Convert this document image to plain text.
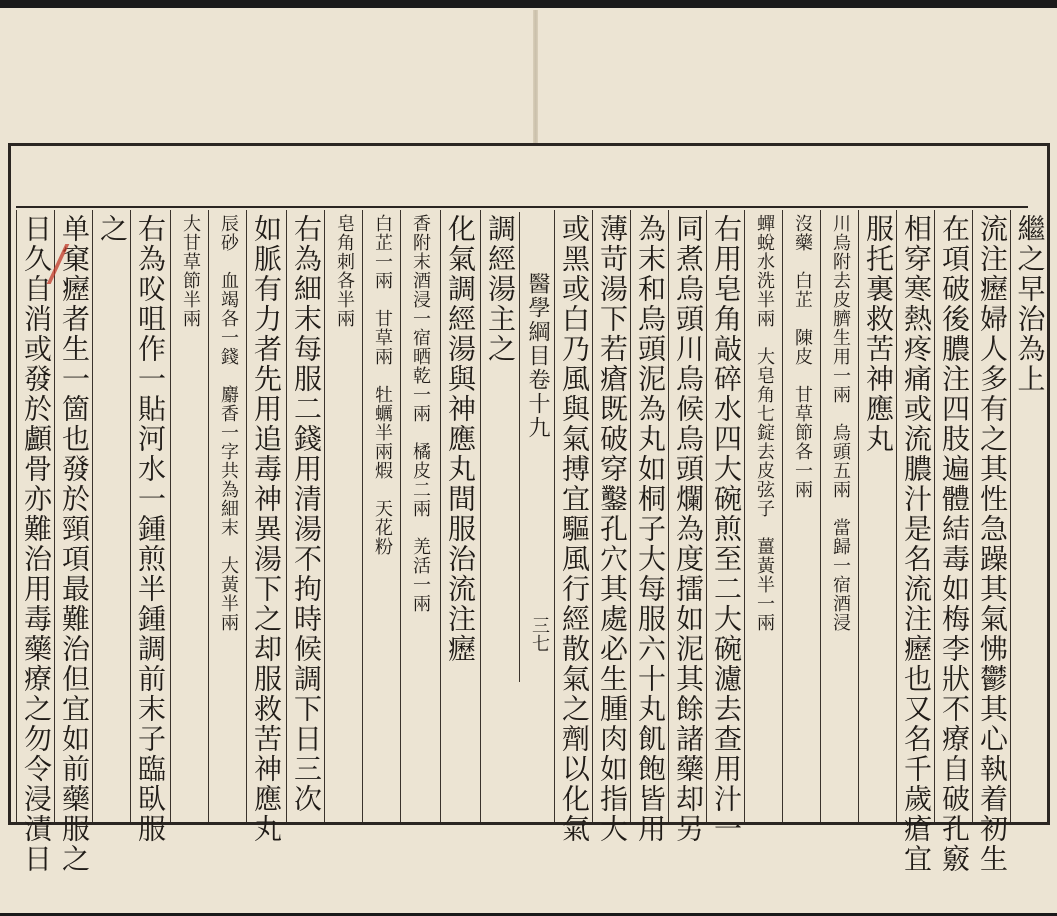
繼之早治為上
流注癧婦人多有之其性急躁其氣怫鬱其心執着初生
在項破後膿注四肢遍體結毒如梅李狀不療自破孔竅
相穿寒熱疼痛或流膿汁是名流注癧也又名千歲瘡宜
服托裏救苦神應丸
川烏附去皮臍生用一兩　烏頭五兩　當歸一宿酒浸
沒藥　白芷　陳皮　甘草節各一兩
蟬蛻水洗半兩　大皂角七錠去皮弦子　薑黃半一兩
右用皂角敲碎水四大碗煎至二大碗濾去查用汁一
同煮烏頭川烏候烏頭爛為度擂如泥其餘諸藥却另
為末和烏頭泥為丸如桐子大每服六十丸飢飽皆用
薄苛湯下若瘡既破穿鑿孔穴其處必生腫肉如指大
或黑或白乃風與氣搏宜驅風行經散氣之劑以化氣
醫學綱目卷十九
三七
調經湯主之
化氣調經湯與神應丸間服治流注癧
香附末酒浸一宿晒乾一兩　橘皮二兩　羌活一兩
白芷一兩　甘草兩　牡蠣半兩煆　天花粉
皂角刺各半兩
右為細末每服二錢用清湯不拘時候調下日三次
如脈有力者先用追毒神異湯下之却服救苦神應丸
辰砂　血竭各一錢　麝香一字共為細末　大黃半兩
大甘草節半兩
右為㕮咀作一貼河水一鍾煎半鍾調前末子臨臥服
之
单窠癧者生一箇也發於頸項最難治但宜如前藥服之
日久自消或發於顱骨亦難治用毒藥療之勿令浸漬日
